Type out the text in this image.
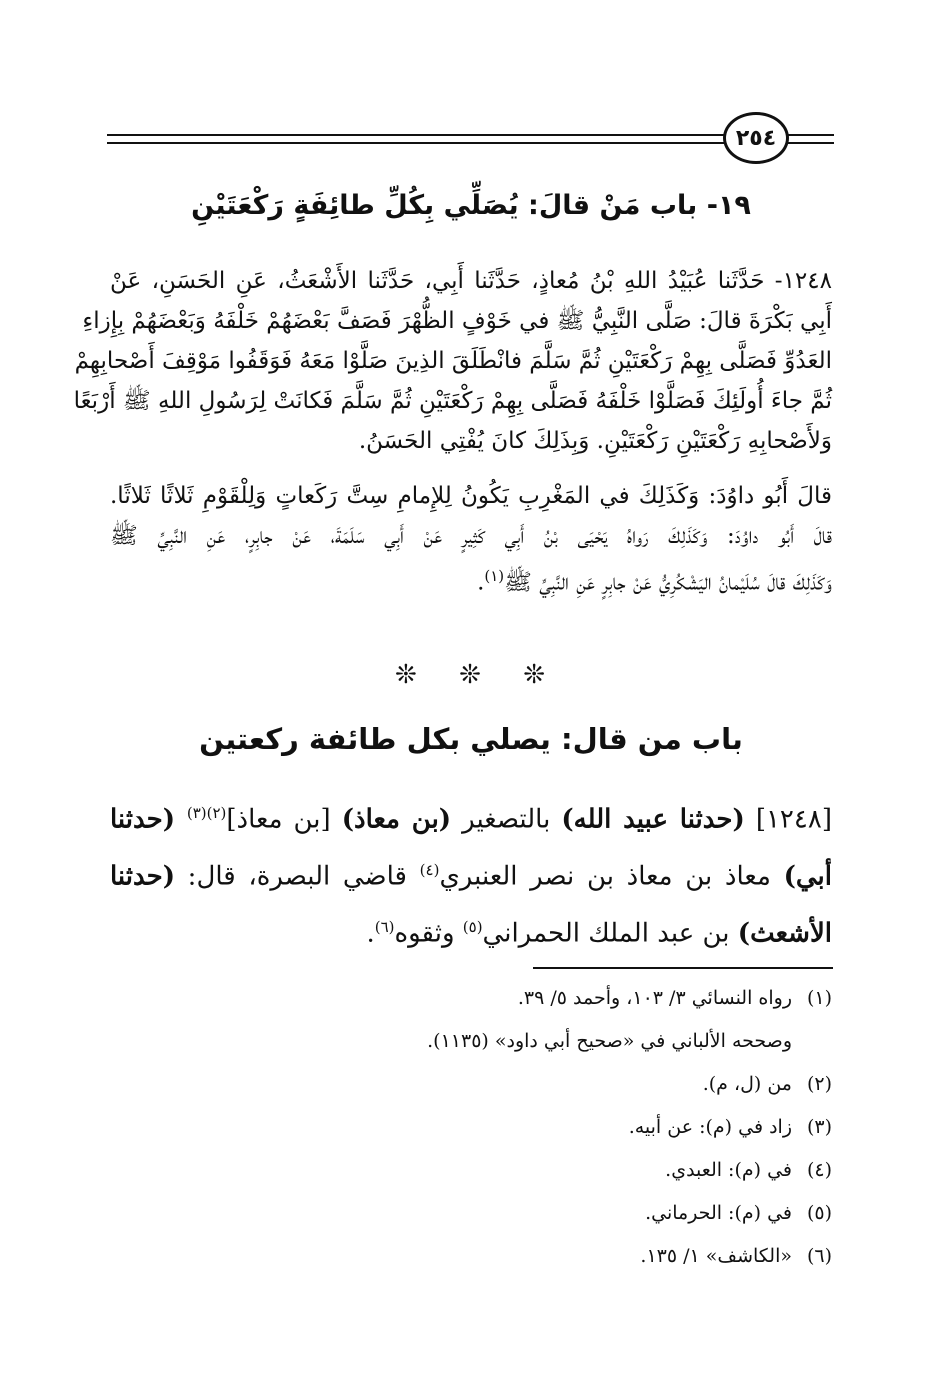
٢٥٤
١٩- باب مَنْ قالَ: يُصَلِّي بِكُلِّ طائِفَةٍ رَكْعَتَيْنِ
١٢٤٨- حَدَّثَنا عُبَيْدُ اللهِ بْنُ مُعاذٍ، حَدَّثَنا أَبِي، حَدَّثَنا الأَشْعَثُ، عَنِ الحَسَنِ، عَنْ
أَبِي بَكْرَةَ قالَ: صَلَّى النَّبِيُّ ﷺ في خَوْفٍ الظُّهْرَ فَصَفَّ بَعْضَهُمْ خَلْفَهُ وَبَعْضَهُمْ بِإِزاءِ
العَدُوِّ فَصَلَّى بِهِمْ رَكْعَتَيْنِ ثُمَّ سَلَّمَ فانْطَلَقَ الذِينَ صَلَّوْا مَعَهُ فَوَقَفُوا مَوْقِفَ أَصْحابِهِمْ
ثُمَّ جاءَ أُولَئِكَ فَصَلَّوْا خَلْفَهُ فَصَلَّى بِهِمْ رَكْعَتَيْنِ ثُمَّ سَلَّمَ فَكانَتْ لِرَسُولِ اللهِ ﷺ أَرْبَعًا
وَلأَصْحابِهِ رَكْعَتَيْنِ رَكْعَتَيْنِ. وَبِذَلِكَ كانَ يُفْتِي الحَسَنُ.
قالَ أَبُو داوُدَ: وَكَذَلِكَ في المَغْرِبِ يَكُونُ لِلإِمامِ سِتَّ رَكَعاتٍ وَلِلْقَوْمِ ثَلاثًا ثَلاثًا.
قالَ أَبُو داوُدَ: وَكَذَلِكَ رَواهُ يَحْيَى بْنُ أَبِي كَثِيرٍ عَنْ أَبِي سَلَمَةَ، عَنْ جابِرٍ، عَنِ النَّبِيِّ ﷺ
وَكَذَلِكَ قالَ سُلَيْمانُ اليَشْكُرِيُّ عَنْ جابِرٍ عَنِ النَّبِيِّ ﷺ$^{(١)}$.
❊ ❊ ❊
باب من قال: يصلي بكل طائفة ركعتين
[١٢٤٨] (حدثنا عبيد الله) بالتصغير (بن معاذ) [بن معاذ]$^{(٢)(٣)}$ (حدثنا
أبي) معاذ بن معاذ بن نصر العنبري$^{(٤)}$ قاضي البصرة، قال: (حدثنا
الأشعث) بن عبد الملك الحمراني$^{(٥)}$ وثقوه$^{(٦)}$.
(١)رواه النسائي ٣/ ١٠٣، وأحمد ٥/ ٣٩.
وصححه الألباني في «صحيح أبي داود» (١١٣٥).
(٢)من (ل، م).
(٣)زاد في (م): عن أبيه.
(٤)في (م): العبدي.
(٥)في (م): الحرماني.
(٦)«الكاشف» ١/ ١٣٥.
